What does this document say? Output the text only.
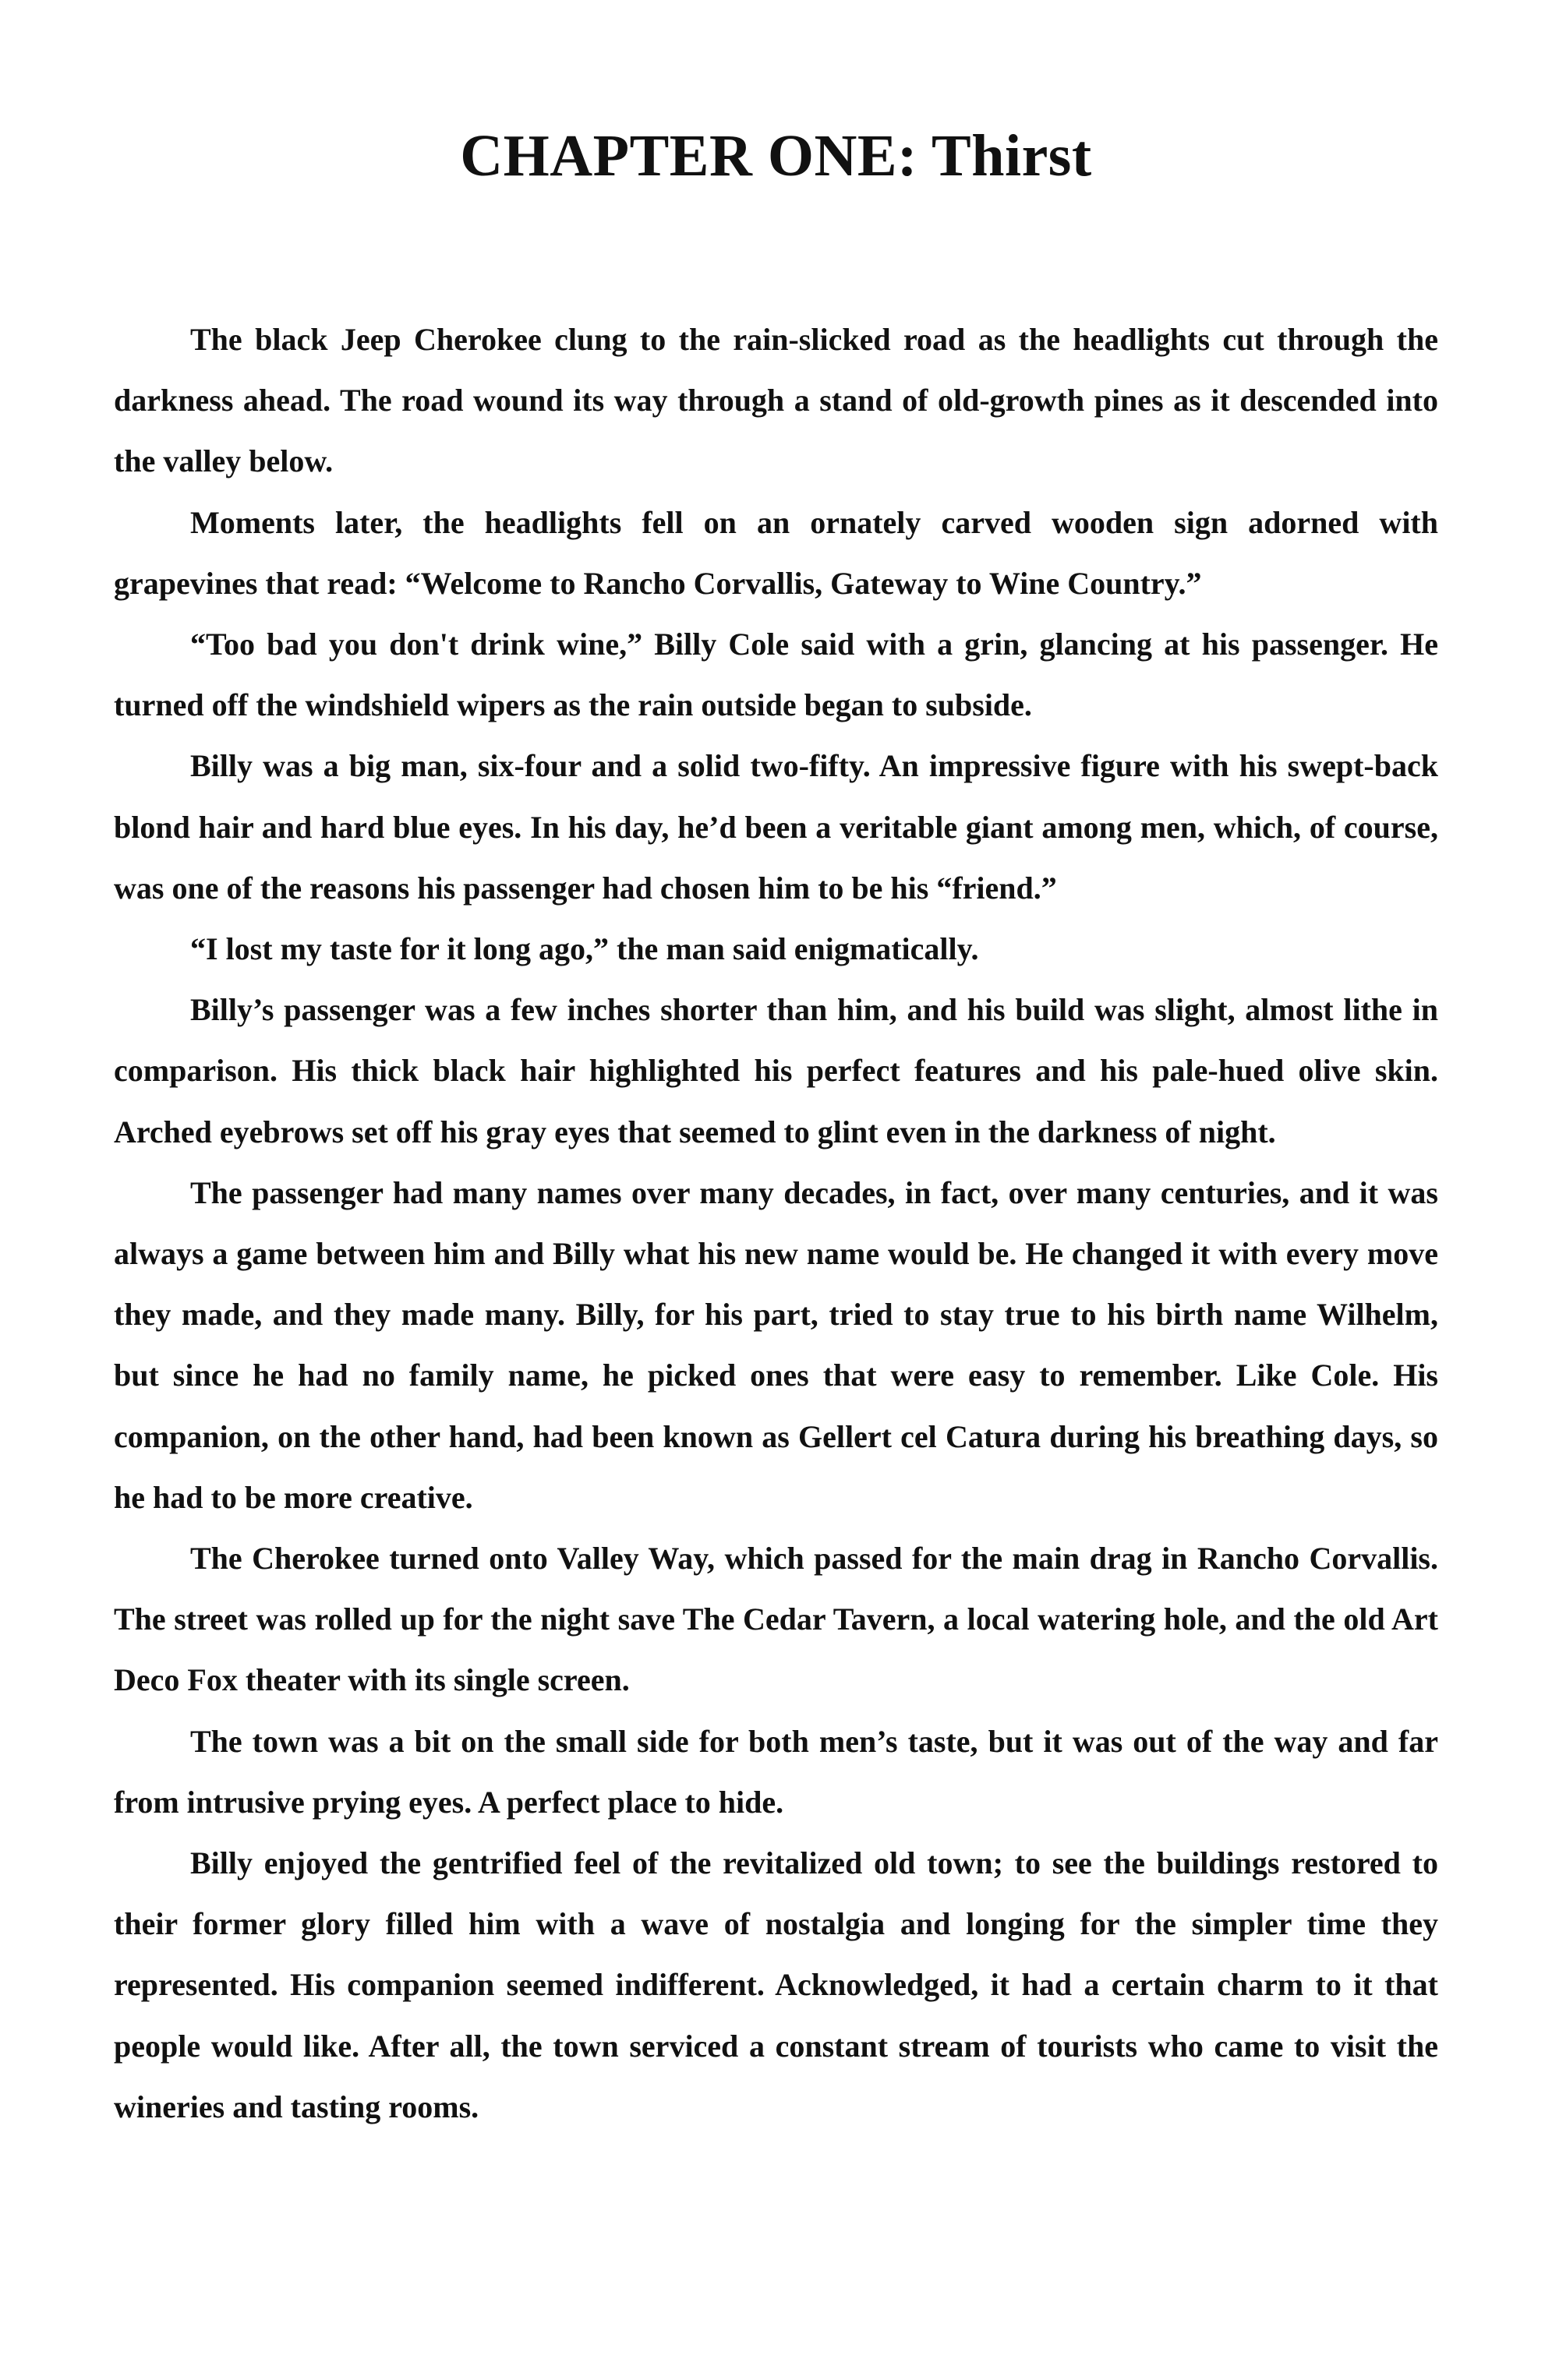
CHAPTER ONE: Thirst

The black Jeep Cherokee clung to the rain-slicked road as the headlights cut through the darkness ahead. The road wound its way through a stand of old-growth pines as it descended into the valley below.

Moments later, the headlights fell on an ornately carved wooden sign adorned with grapevines that read: “Welcome to Rancho Corvallis, Gateway to Wine Country.”

“Too bad you don't drink wine,” Billy Cole said with a grin, glancing at his passenger. He turned off the windshield wipers as the rain outside began to subside.

Billy was a big man, six-four and a solid two-fifty. An impressive figure with his swept-back blond hair and hard blue eyes. In his day, he’d been a veritable giant among men, which, of course, was one of the reasons his passenger had chosen him to be his “friend.”

“I lost my taste for it long ago,” the man said enigmatically.

Billy’s passenger was a few inches shorter than him, and his build was slight, almost lithe in comparison. His thick black hair highlighted his perfect features and his pale-hued olive skin. Arched eyebrows set off his gray eyes that seemed to glint even in the darkness of night.

The passenger had many names over many decades, in fact, over many centuries, and it was always a game between him and Billy what his new name would be. He changed it with every move they made, and they made many. Billy, for his part, tried to stay true to his birth name Wilhelm, but since he had no family name, he picked ones that were easy to remember. Like Cole. His companion, on the other hand, had been known as Gellert cel Catura during his breathing days, so he had to be more creative.

The Cherokee turned onto Valley Way, which passed for the main drag in Rancho Corvallis. The street was rolled up for the night save The Cedar Tavern, a local watering hole, and the old Art Deco Fox theater with its single screen.

The town was a bit on the small side for both men’s taste, but it was out of the way and far from intrusive prying eyes. A perfect place to hide.

Billy enjoyed the gentrified feel of the revitalized old town; to see the buildings restored to their former glory filled him with a wave of nostalgia and longing for the simpler time they represented. His companion seemed indifferent. Acknowledged, it had a certain charm to it that people would like. After all, the town serviced a constant stream of tourists who came to visit the wineries and tasting rooms.
